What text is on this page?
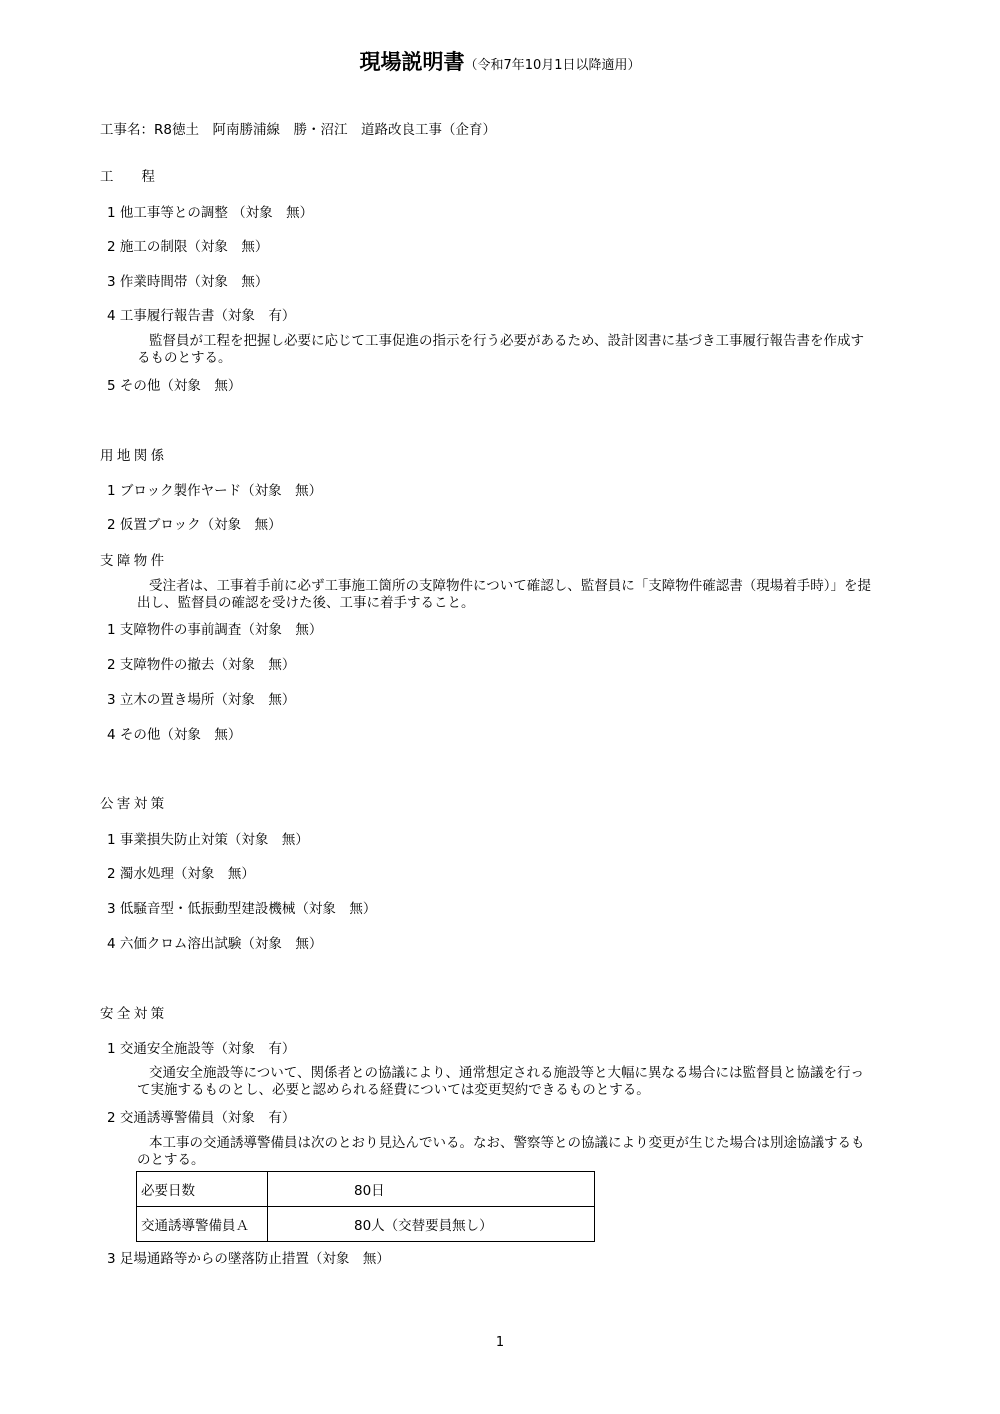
現場説明書（令和7年10月1日以降適用）
工事名：R8徳土　阿南勝浦線　勝・沼江　道路改良工事（企育）
工　 程
1 他工事等との調整 （対象　無）
2 施工の制限（対象　無）
3 作業時間帯（対象　無）
4 工事履行報告書（対象　有）
監督員が工程を把握し必要に応じて工事促進の指示を行う必要があるため、設計図書に基づき工事履行報告書を作成するものとする。
5 その他（対象　無）
用地関係
1 ブロック製作ヤード（対象　無）
2 仮置ブロック（対象　無）
支障物件
受注者は、工事着手前に必ず工事施工箇所の支障物件について確認し、監督員に「支障物件確認書（現場着手時）」を提出し、監督員の確認を受けた後、工事に着手すること。
1 支障物件の事前調査（対象　無）
2 支障物件の撤去（対象　無）
3 立木の置き場所（対象　無）
4 その他（対象　無）
公害対策
1 事業損失防止対策（対象　無）
2 濁水処理（対象　無）
3 低騒音型・低振動型建設機械（対象　無）
4 六価クロム溶出試験（対象　無）
安全対策
1 交通安全施設等（対象　有）
交通安全施設等について、関係者との協議により、通常想定される施設等と大幅に異なる場合には監督員と協議を行って実施するものとし、必要と認められる経費については変更契約できるものとする。
2 交通誘導警備員（対象　有）
本工事の交通誘導警備員は次のとおり見込んでいる。なお、警察等との協議により変更が生じた場合は別途協議するものとする。
必要日数	80日
交通誘導警備員Ａ	80人（交替要員無し）
3 足場通路等からの墜落防止措置（対象　無）
1
